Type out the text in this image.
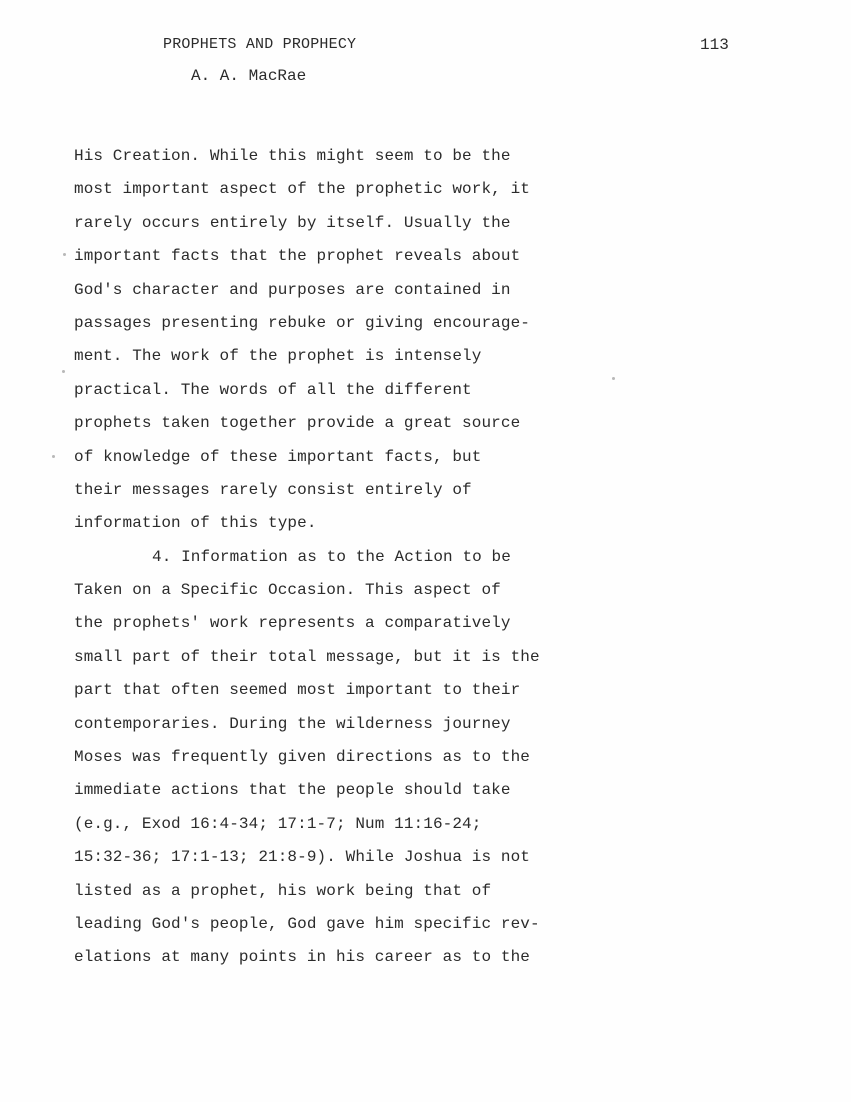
PROPHETS AND PROPHECY
A. A. MacRae
113
His Creation. While this might seem to be the
most important aspect of the prophetic work, it
rarely occurs entirely by itself. Usually the
important facts that the prophet reveals about
God's character and purposes are contained in
passages presenting rebuke or giving encourage-
ment. The work of the prophet is intensely
practical. The words of all the different
prophets taken together provide a great source
of knowledge of these important facts, but
their messages rarely consist entirely of
information of this type.
4. Information as to the Action to be
Taken on a Specific Occasion. This aspect of
the prophets' work represents a comparatively
small part of their total message, but it is the
part that often seemed most important to their
contemporaries. During the wilderness journey
Moses was frequently given directions as to the
immediate actions that the people should take
(e.g., Exod 16:4-34; 17:1-7; Num 11:16-24;
15:32-36; 17:1-13; 21:8-9). While Joshua is not
listed as a prophet, his work being that of
leading God's people, God gave him specific rev-
elations at many points in his career as to the
